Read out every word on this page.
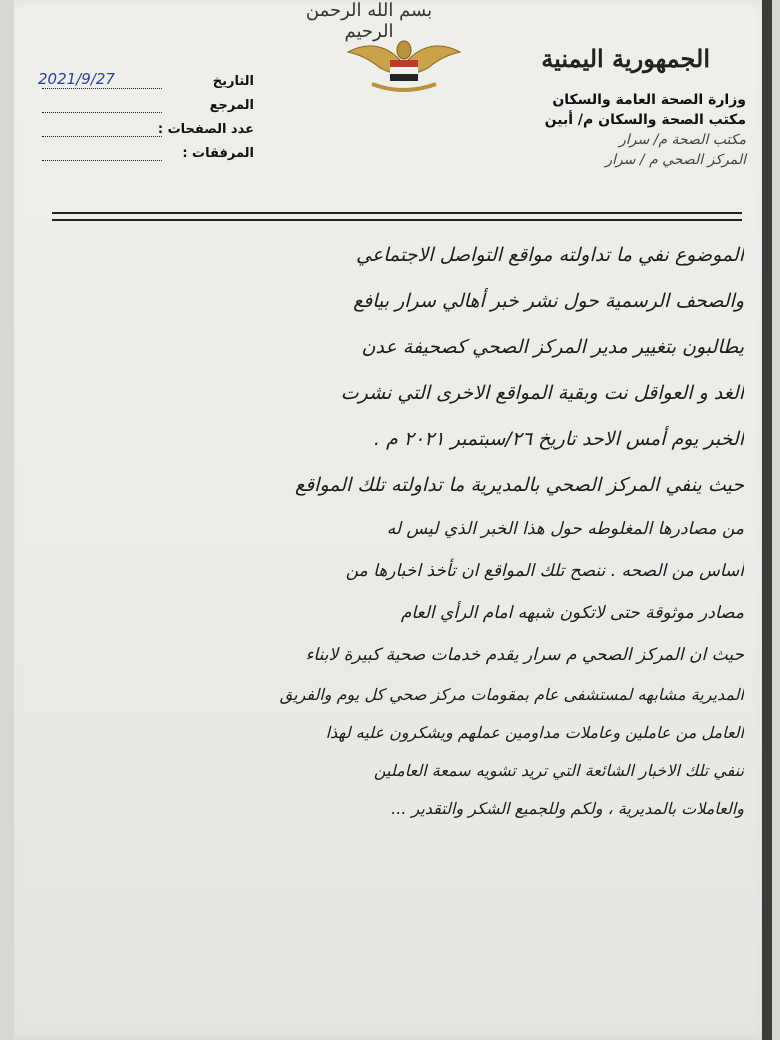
بسم الله الرحمن الرحيم
الجمهورية اليمنية
وزارة الصحة العامة والسكان
مكتب الصحة والسكان م/ أبين
مكتب الصحة م/ سرار
المركز الصحي م / سرار
التاريخ
2021/9/27
المرجع
عدد الصفحات :
المرفقات :
الموضوع نفي ما تداولته مواقع التواصل الاجتماعي
والصحف الرسمية حول نشر خبر أهالي سرار بيافع
يطالبون بتغيير مدير المركز الصحي كصحيفة عدن
الغد و العواقل نت وبقية المواقع الاخرى التي نشرت
الخبر يوم أمس الاحد تاريخ ٢٦/سبتمبر ٢٠٢١ م .
حيث ينفي المركز الصحي بالمديرية ما تداولته تلك المواقع
من مصادرها المغلوطه حول هذا الخبر الذي ليس له
أساس من الصحه . ننصح تلك المواقع ان تأخذ اخبارها من
مصادر موثوقة حتى لاتكون شبهه امام الرأي العام
حيث ان المركز الصحي م سرار يقدم خدمات صحية كبيرة لابناء
المديرية مشابهه لمستشفى عام بمقومات مركز صحي كل يوم والفريق
العامل من عاملين وعاملات مداومين عملهم ويشكرون عليه لهذا
ننفي تلك الاخبار الشائعة التي تريد تشويه سمعة العاملين
والعاملات بالمديرية ، ولكم وللجميع الشكر والتقدير ...
